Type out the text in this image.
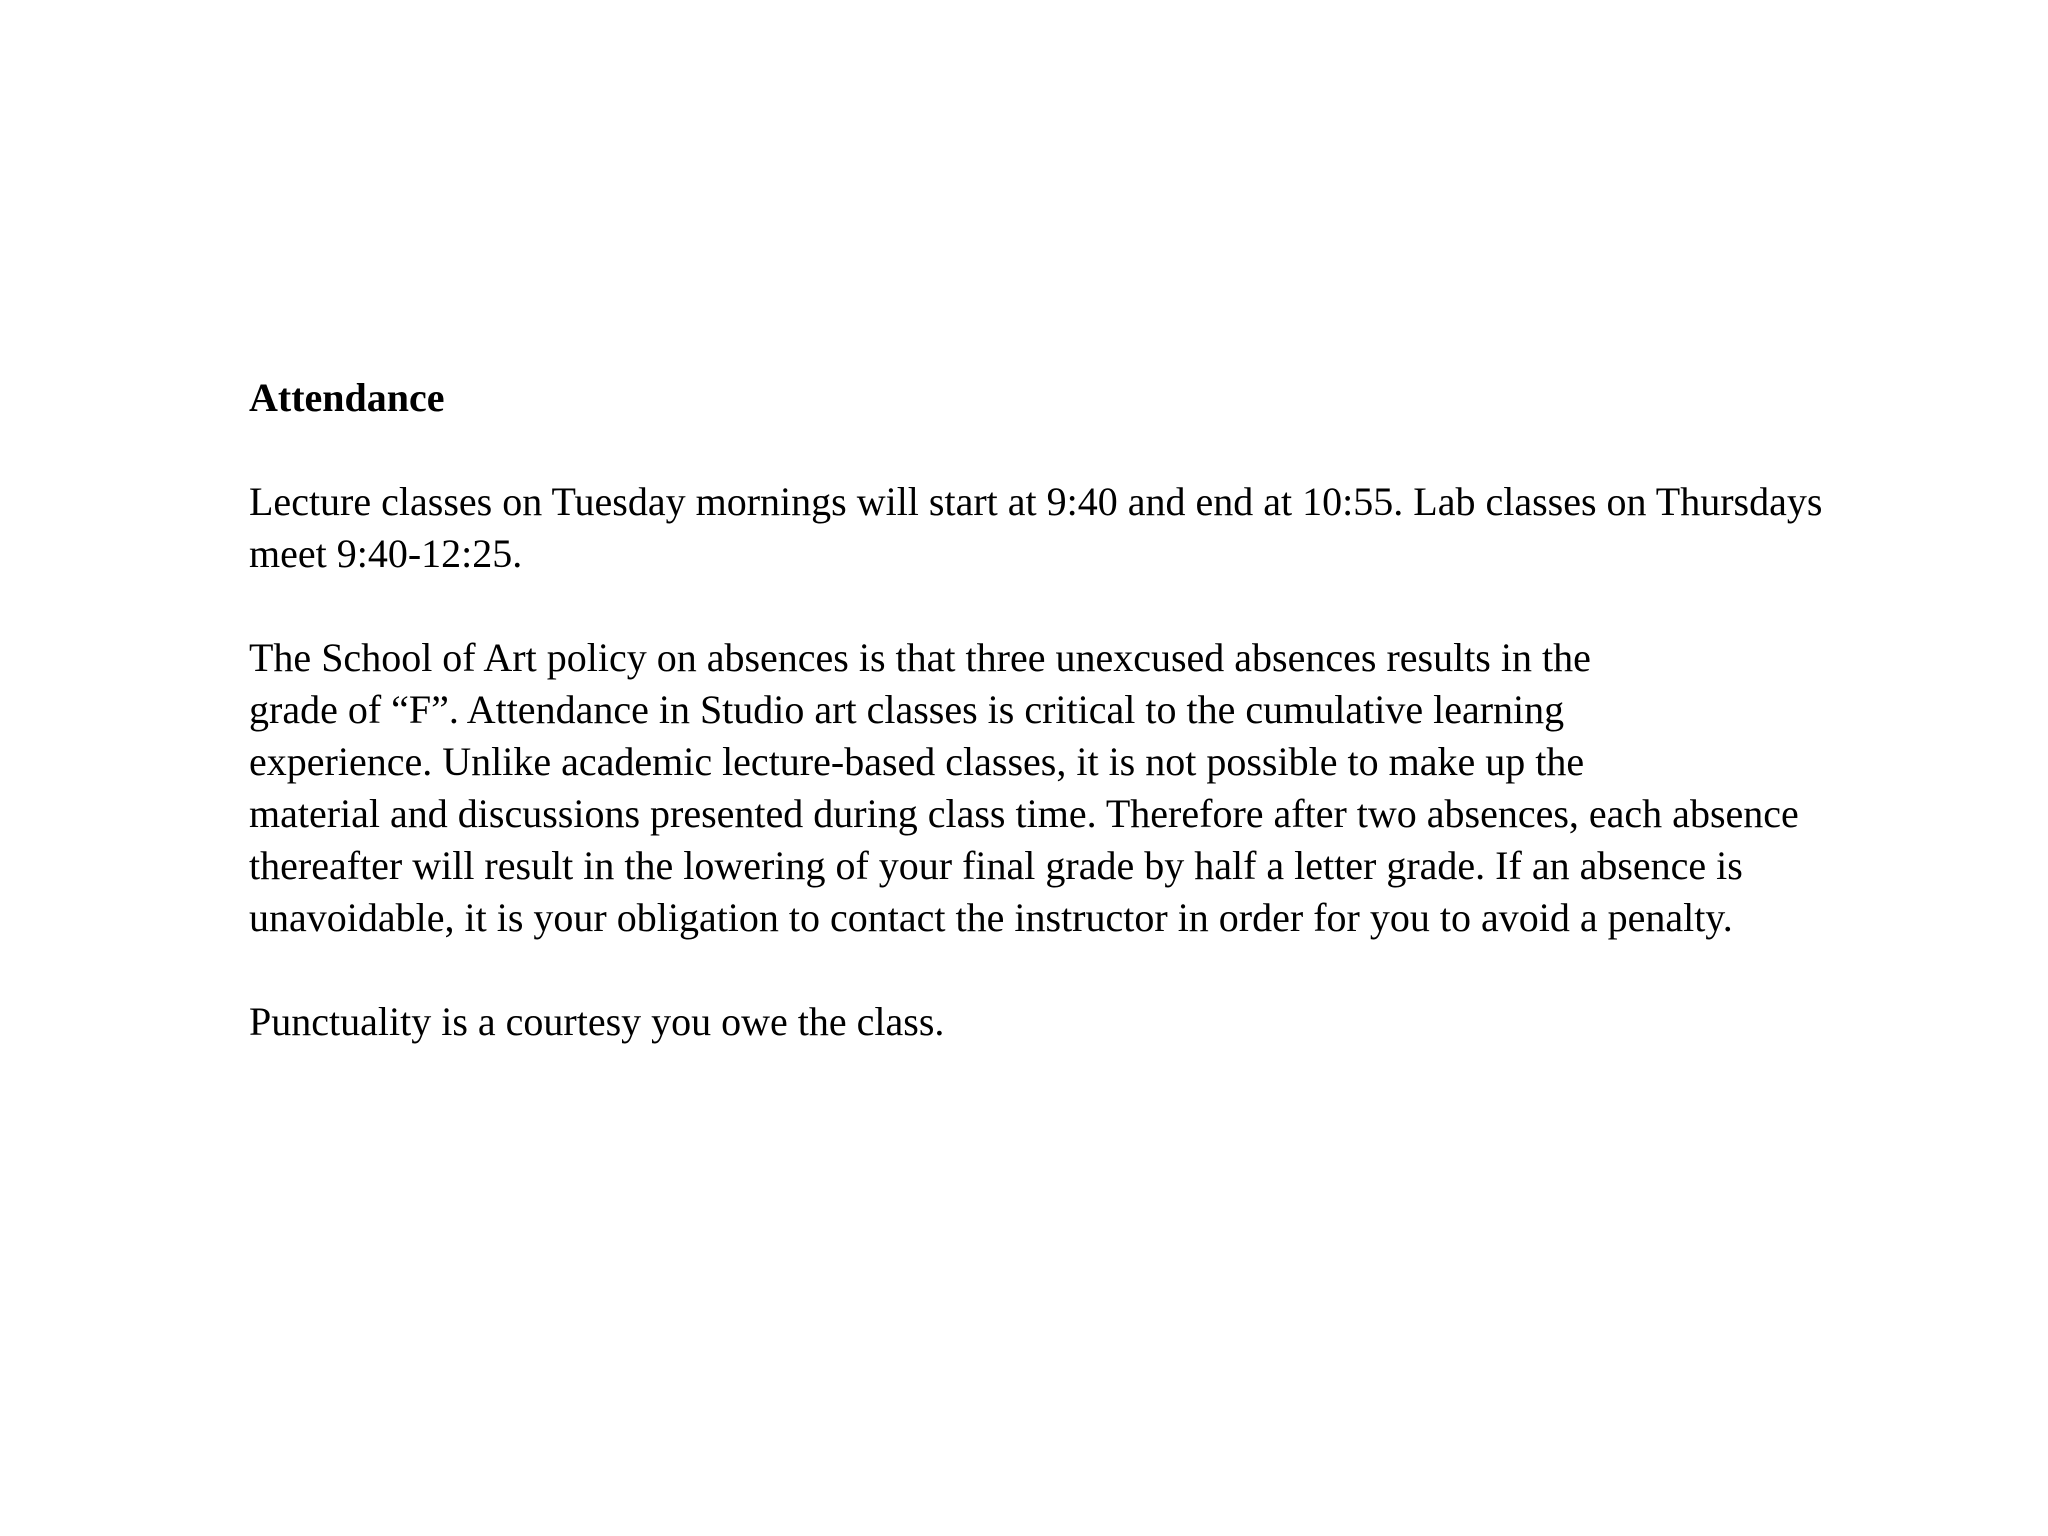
Attendance

Lecture classes on Tuesday mornings will start at 9:40 and end at 10:55. Lab classes on Thursdays
meet 9:40-12:25.

The School of Art policy on absences is that three unexcused absences results in the
grade of “F”. Attendance in Studio art classes is critical to the cumulative learning
experience. Unlike academic lecture-based classes, it is not possible to make up the
material and discussions presented during class time. Therefore after two absences, each absence
thereafter will result in the lowering of your final grade by half a letter grade. If an absence is
unavoidable, it is your obligation to contact the instructor in order for you to avoid a penalty.

Punctuality is a courtesy you owe the class.
